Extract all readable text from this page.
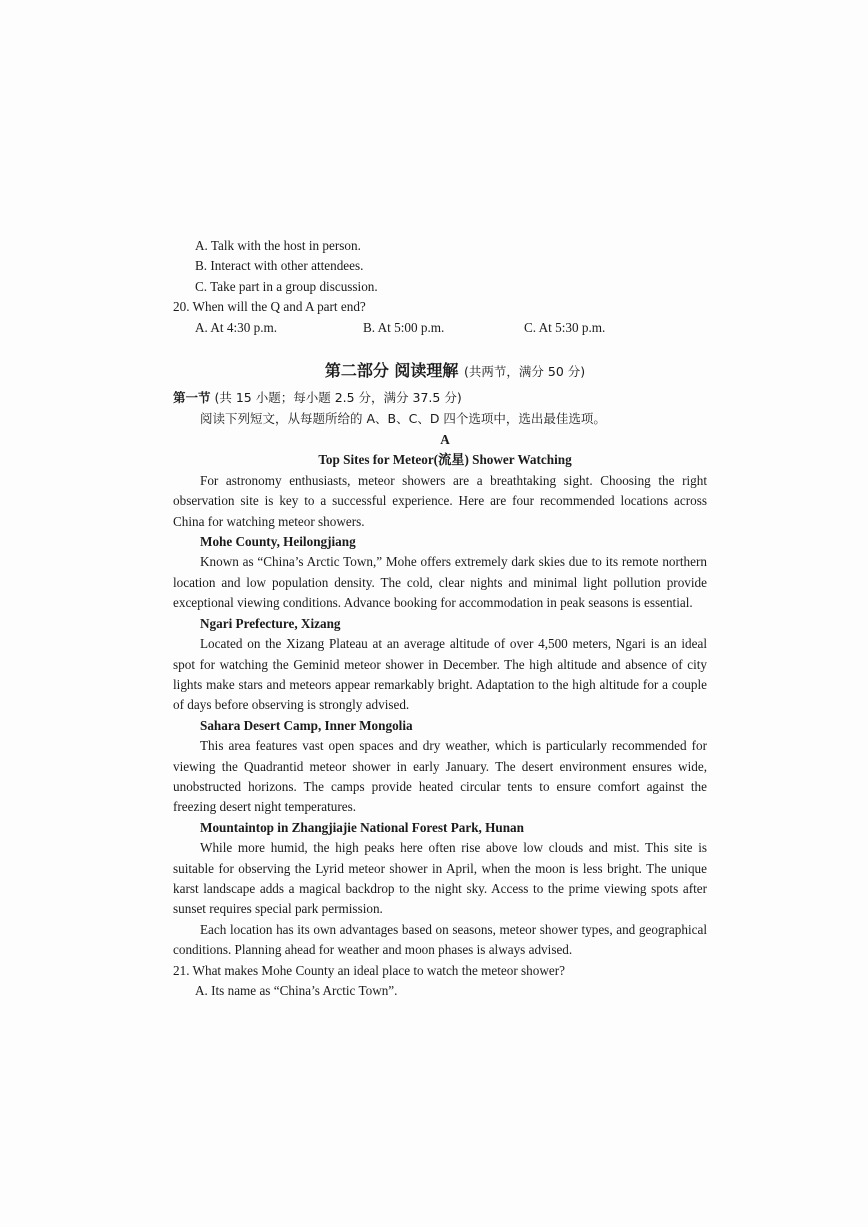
A. Talk with the host in person.
B. Interact with other attendees.
C. Take part in a group discussion.
20. When will the Q and A part end?
A. At 4:30 p.m.	B. At 5:00 p.m.	C. At 5:30 p.m.
第二部分 阅读理解 (共两节，满分 50 分)
第一节 (共 15 小题；每小题 2.5 分，满分 37.5 分)
阅读下列短文，从每题所给的 A、B、C、D 四个选项中，选出最佳选项。
A
Top Sites for Meteor(流星) Shower Watching

For astronomy enthusiasts, meteor showers are a breathtaking sight. Choosing the right observation site is key to a successful experience. Here are four recommended locations across China for watching meteor showers.

Mohe County, Heilongjiang

Known as “China’s Arctic Town,” Mohe offers extremely dark skies due to its remote northern location and low population density. The cold, clear nights and minimal light pollution provide exceptional viewing conditions. Advance booking for accommodation in peak seasons is essential.

Ngari Prefecture, Xizang

Located on the Xizang Plateau at an average altitude of over 4,500 meters, Ngari is an ideal spot for watching the Geminid meteor shower in December. The high altitude and absence of city lights make stars and meteors appear remarkably bright. Adaptation to the high altitude for a couple of days before observing is strongly advised.

Sahara Desert Camp, Inner Mongolia

This area features vast open spaces and dry weather, which is particularly recommended for viewing the Quadrantid meteor shower in early January. The desert environment ensures wide, unobstructed horizons. The camps provide heated circular tents to ensure comfort against the freezing desert night temperatures.

Mountaintop in Zhangjiajie National Forest Park, Hunan

While more humid, the high peaks here often rise above low clouds and mist. This site is suitable for observing the Lyrid meteor shower in April, when the moon is less bright. The unique karst landscape adds a magical backdrop to the night sky. Access to the prime viewing spots after sunset requires special park permission.

Each location has its own advantages based on seasons, meteor shower types, and geographical conditions. Planning ahead for weather and moon phases is always advised.

21. What makes Mohe County an ideal place to watch the meteor shower?
A. Its name as “China’s Arctic Town”.
